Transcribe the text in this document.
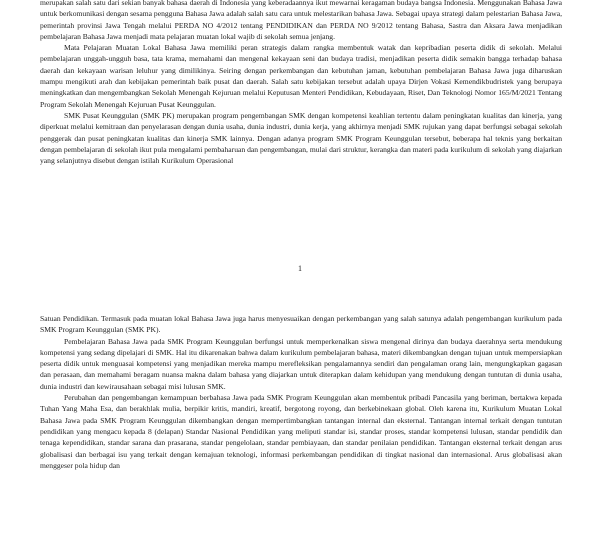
merupakan salah satu dari sekian banyak bahasa daerah di Indonesia yang keberadaannya ikut mewarnai keragaman budaya bangsa Indonesia. Menggunakan Bahasa Jawa untuk berkomunikasi dengan sesama pengguna Bahasa Jawa adalah salah satu cara untuk melestarikan bahasa Jawa. Sebagai upaya strategi dalam pelestarian Bahasa Jawa, pemerintah provinsi Jawa Tengah melalui PERDA NO 4/2012 tentang PENDIDIKAN dan PERDA NO 9/2012 tentang Bahasa, Sastra dan Aksara Jawa menjadikan pembelajaran Bahasa Jawa menjadi mata pelajaran muatan lokal wajib di sekolah semua jenjang.

Mata Pelajaran Muatan Lokal Bahasa Jawa memiliki peran strategis dalam rangka membentuk watak dan kepribadian peserta didik di sekolah. Melalui pembelajaran unggah-ungguh basa, tata krama, memahami dan mengenal kekayaan seni dan budaya tradisi, menjadikan peserta didik semakin bangga terhadap bahasa daerah dan kekayaan warisan leluhur yang dimilikinya. Seiring dengan perkembangan dan kebutuhan jaman, kebutuhan pembelajaran Bahasa Jawa juga diharuskan mampu mengikuti arah dan kebijakan pemerintah baik pusat dan daerah. Salah satu kebijakan tersebut adalah upaya Dirjen Vokasi Kemendikbudristek yang berupaya meningkatkan dan mengembangkan Sekolah Menengah Kejuruan melalui Keputusan Menteri Pendidikan, Kebudayaan, Riset, Dan Teknologi Nomor 165/M/2021 Tentang Program Sekolah Menengah Kejuruan Pusat Keunggulan.

SMK Pusat Keunggulan (SMK PK) merupakan program pengembangan SMK dengan kompetensi keahlian tertentu dalam peningkatan kualitas dan kinerja, yang diperkuat melalui kemitraan dan penyelarasan dengan dunia usaha, dunia industri, dunia kerja, yang akhirnya menjadi SMK rujukan yang dapat berfungsi sebagai sekolah penggerak dan pusat peningkatan kualitas dan kinerja SMK lainnya. Dengan adanya program SMK Program Keunggulan tersebut, beberapa hal teknis yang berkaitan dengan pembelajaran di sekolah ikut pula mengalami pembaharuan dan pengembangan, mulai dari struktur, kerangka dan materi pada kurikulum di sekolah yang diajarkan yang selanjutnya disebut dengan istilah Kurikulum Operasional

1

Satuan Pendidikan. Termasuk pada muatan lokal Bahasa Jawa juga harus menyesuaikan dengan perkembangan yang salah satunya adalah pengembangan kurikulum pada SMK Program Keunggulan (SMK PK).

Pembelajaran Bahasa Jawa pada SMK Program Keunggulan berfungsi untuk memperkenalkan siswa mengenal dirinya dan budaya daerahnya serta mendukung kompetensi yang sedang dipelajari di SMK. Hal itu dikarenakan bahwa dalam kurikulum pembelajaran bahasa, materi dikembangkan dengan tujuan untuk mempersiapkan peserta didik untuk menguasai kompetensi yang menjadikan mereka mampu merefleksikan pengalamannya sendiri dan pengalaman orang lain, mengungkapkan gagasan dan perasaan, dan memahami beragam nuansa makna dalam bahasa yang diajarkan untuk diterapkan dalam kehidupan yang mendukung dengan tuntutan di dunia usaha, dunia industri dan kewirausahaan sebagai misi lulusan SMK.

Perubahan dan pengembangan kemampuan berbahasa Jawa pada SMK Program Keunggulan akan membentuk pribadi Pancasila yang beriman, bertakwa kepada Tuhan Yang Maha Esa, dan berakhlak mulia, berpikir kritis, mandiri, kreatif, bergotong royong, dan berkebinekaan global. Oleh karena itu, Kurikulum Muatan Lokal Bahasa Jawa pada SMK Program Keunggulan dikembangkan dengan mempertimbangkan tantangan internal dan eksternal. Tantangan internal terkait dengan tuntutan pendidikan yang mengacu kepada 8 (delapan) Standar Nasional Pendidikan yang meliputi standar isi, standar proses, standar kompetensi lulusan, standar pendidik dan tenaga kependidikan, standar sarana dan prasarana, standar pengelolaan, standar pembiayaan, dan standar penilaian pendidikan. Tantangan eksternal terkait dengan arus globalisasi dan berbagai isu yang terkait dengan kemajuan teknologi, informasi perkembangan pendidikan di tingkat nasional dan internasional. Arus globalisasi akan menggeser pola hidup dan
